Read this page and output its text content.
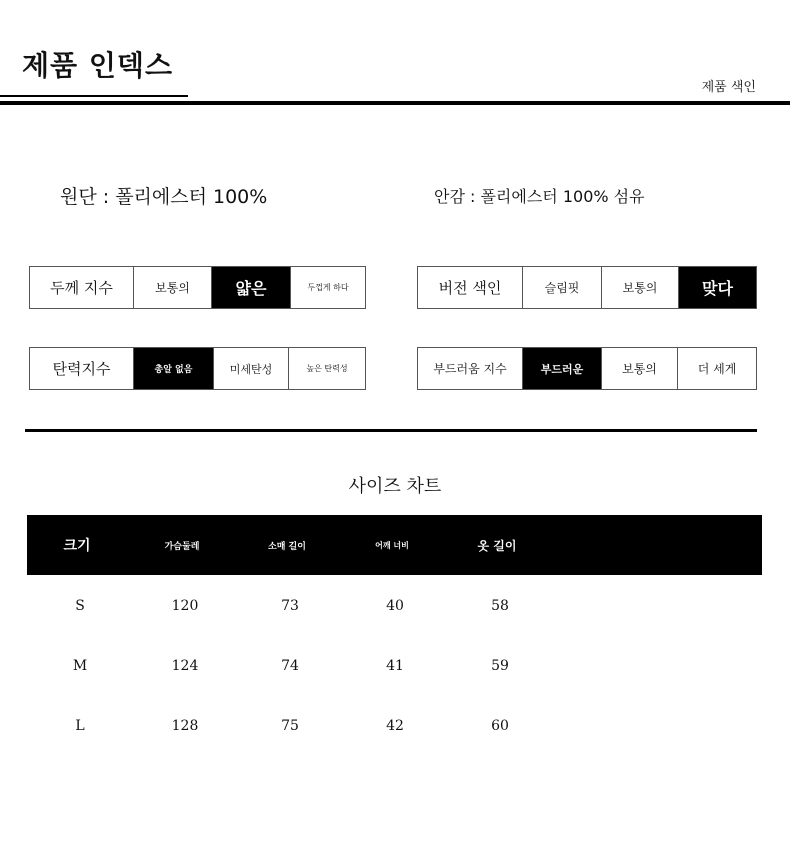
제품 인덱스
제품 색인
원단 : 폴리에스터 100%	안감 : 폴리에스터 100% 섬유
두께 지수	보통의	얇은	두껍게 하다	버전 색인	슬림핏	보통의	맞다
탄력지수	총알 없음	미세탄성	높은 탄력성	부드러움 지수	부드러운	보통의	더 세게
사이즈 차트
크기	가슴둘레	소매 길이	어깨 너비	옷 길이
S	120	73	40	58
M	124	74	41	59
L	128	75	42	60
